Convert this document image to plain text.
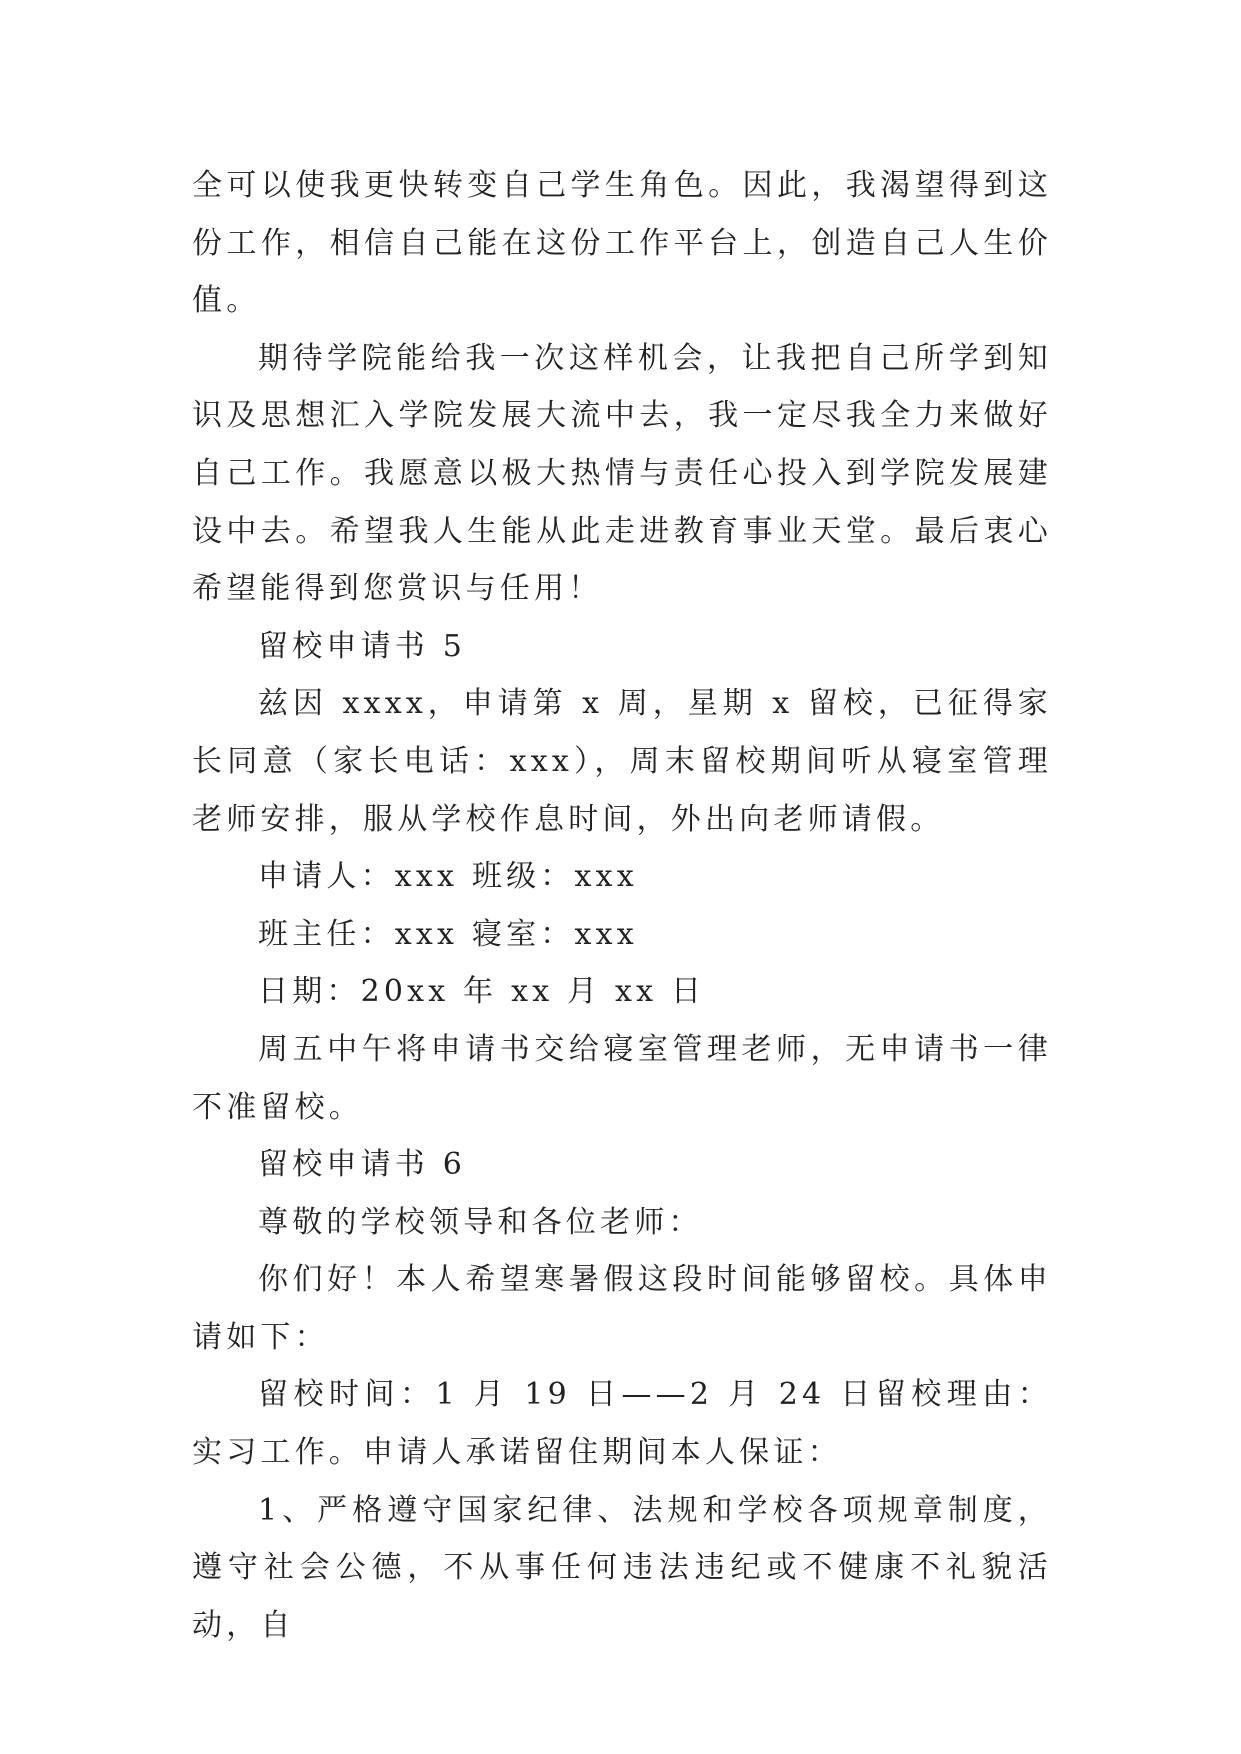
全可以使我更快转变自己学生角色。因此，我渴望得到这份工作，相信自己能在这份工作平台上，创造自己人生价值。

期待学院能给我一次这样机会，让我把自己所学到知识及思想汇入学院发展大流中去，我一定尽我全力来做好自己工作。我愿意以极大热情与责任心投入到学院发展建设中去。希望我人生能从此走进教育事业天堂。最后衷心希望能得到您赏识与任用！

留校申请书 5

兹因 xxxx，申请第 x 周，星期 x 留校，已征得家长同意（家长电话：xxx），周末留校期间听从寝室管理老师安排，服从学校作息时间，外出向老师请假。

申请人：xxx 班级：xxx

班主任：xxx 寝室：xxx

日期：20xx 年 xx 月 xx 日

周五中午将申请书交给寝室管理老师，无申请书一律不准留校。

留校申请书 6

尊敬的学校领导和各位老师：

你们好！本人希望寒暑假这段时间能够留校。具体申请如下：

留校时间：1 月 19 日——2 月 24 日留校理由：实习工作。申请人承诺留住期间本人保证：

1、严格遵守国家纪律、法规和学校各项规章制度，遵守社会公德，不从事任何违法违纪或不健康不礼貌活动，自
